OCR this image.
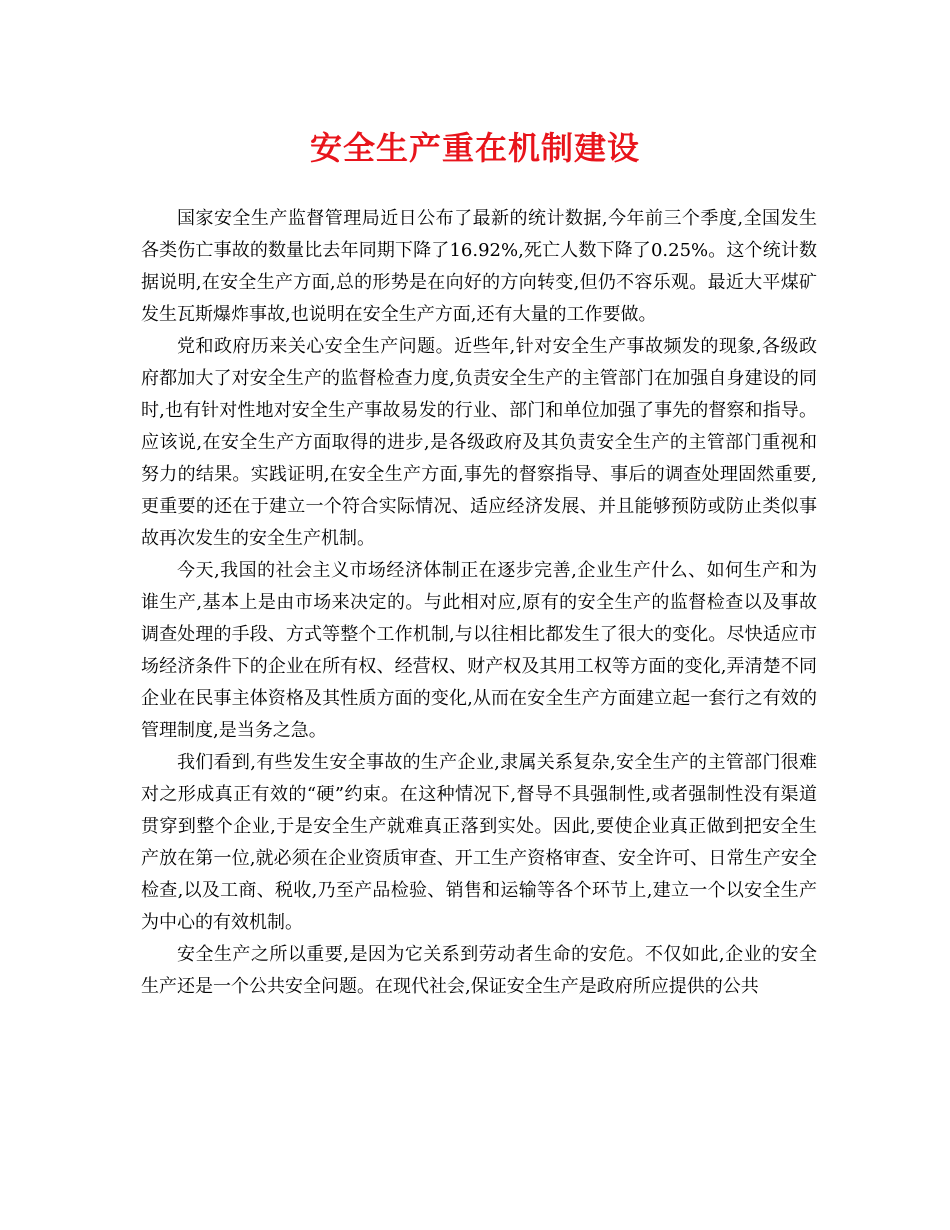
安全生产重在机制建设

国家安全生产监督管理局近日公布了最新的统计数据,今年前三个季度,全国发生各类伤亡事故的数量比去年同期下降了16.92%,死亡人数下降了0.25%。这个统计数据说明,在安全生产方面,总的形势是在向好的方向转变,但仍不容乐观。最近大平煤矿发生瓦斯爆炸事故,也说明在安全生产方面,还有大量的工作要做。

党和政府历来关心安全生产问题。近些年,针对安全生产事故频发的现象,各级政府都加大了对安全生产的监督检查力度,负责安全生产的主管部门在加强自身建设的同时,也有针对性地对安全生产事故易发的行业、部门和单位加强了事先的督察和指导。应该说,在安全生产方面取得的进步,是各级政府及其负责安全生产的主管部门重视和努力的结果。实践证明,在安全生产方面,事先的督察指导、事后的调查处理固然重要,更重要的还在于建立一个符合实际情况、适应经济发展、并且能够预防或防止类似事故再次发生的安全生产机制。

今天,我国的社会主义市场经济体制正在逐步完善,企业生产什么、如何生产和为谁生产,基本上是由市场来决定的。与此相对应,原有的安全生产的监督检查以及事故调查处理的手段、方式等整个工作机制,与以往相比都发生了很大的变化。尽快适应市场经济条件下的企业在所有权、经营权、财产权及其用工权等方面的变化,弄清楚不同企业在民事主体资格及其性质方面的变化,从而在安全生产方面建立起一套行之有效的管理制度,是当务之急。

我们看到,有些发生安全事故的生产企业,隶属关系复杂,安全生产的主管部门很难对之形成真正有效的“硬”约束。在这种情况下,督导不具强制性,或者强制性没有渠道贯穿到整个企业,于是安全生产就难真正落到实处。因此,要使企业真正做到把安全生产放在第一位,就必须在企业资质审查、开工生产资格审查、安全许可、日常生产安全检查,以及工商、税收,乃至产品检验、销售和运输等各个环节上,建立一个以安全生产为中心的有效机制。

安全生产之所以重要,是因为它关系到劳动者生命的安危。不仅如此,企业的安全生产还是一个公共安全问题。在现代社会,保证安全生产是政府所应提供的公共
